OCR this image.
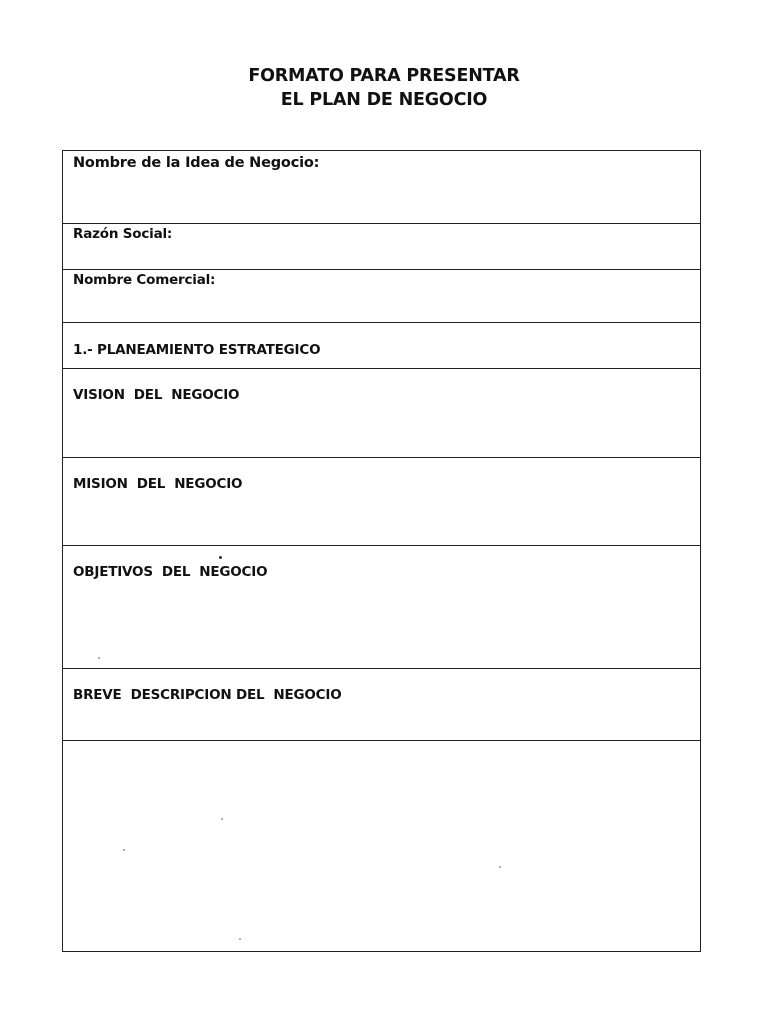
FORMATO PARA PRESENTAR
EL PLAN DE NEGOCIO
Nombre de la Idea de Negocio:
Razón Social:
Nombre Comercial:
1.- PLANEAMIENTO ESTRATEGICO
VISION  DEL  NEGOCIO
MISION  DEL  NEGOCIO
OBJETIVOS  DEL  NEGOCIO
BREVE  DESCRIPCION DEL  NEGOCIO
